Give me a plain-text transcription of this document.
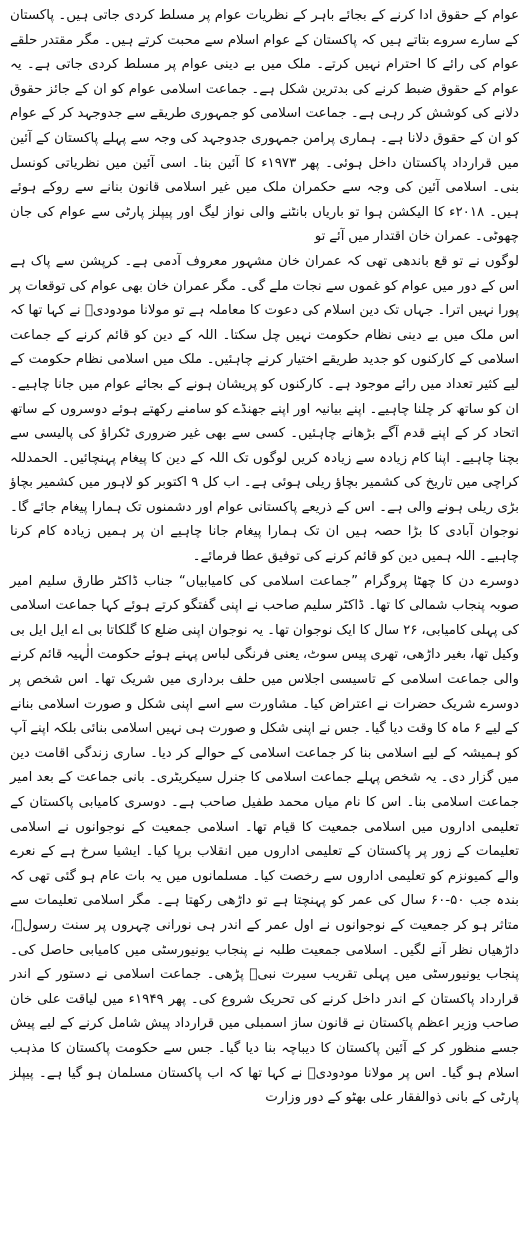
عوام کے حقوق ادا کرنے کے بجائے باہر کے نظریات عوام پر مسلط کردی جاتی ہیں۔ پاکستان کے سارے سروے بتاتے ہیں کہ پاکستان کے عوام اسلام سے محبت کرتے ہیں۔ مگر مقتدر حلقے عوام کی رائے کا احترام نہیں کرتے۔ ملک میں بے دینی عوام پر مسلط کردی جاتی ہے۔ یہ عوام کے حقوق ضبط کرنے کی بدترین شکل ہے۔ جماعت اسلامی عوام کو ان کے جائز حقوق دلانے کی کوشش کر رہی ہے۔ جماعت اسلامی کو جمہوری طریقے سے جدوجہد کر کے عوام کو ان کے حقوق دلانا ہے۔ ہماری پرامن جمہوری جدوجہد کی وجہ سے پہلے پاکستان کے آئین میں قرارداد پاکستان داخل ہوئی۔ پھر ۱۹۷۳ء کا آئین بنا۔ اسی آئین میں نظریاتی کونسل بنی۔ اسلامی آئین کی وجہ سے حکمران ملک میں غیر اسلامی قانون بنانے سے روکے ہوئے ہیں۔ ۲۰۱۸ء کا الیکشن ہوا تو باریاں بانٹنے والی نواز لیگ اور پیپلز پارٹی سے عوام کی جان چھوٹی۔ عمران خان اقتدار میں آئے تو

لوگوں نے تو قع باندھی تھی کہ عمران خان مشہور معروف آدمی ہے۔ کرپشن سے پاک ہے اس کے دور میں عوام کو غموں سے نجات ملے گی۔ مگر عمران خان بھی عوام کی توقعات پر پورا نہیں اترا۔ جہاں تک دین اسلام کی دعوت کا معاملہ ہے تو مولانا مودودیؒ نے کہا تھا کہ اس ملک میں بے دینی نظام حکومت نہیں چل سکتا۔ اللہ کے دین کو قائم کرنے کے جماعت اسلامی کے کارکنوں کو جدید طریقے اختیار کرنے چاہئیں۔ ملک میں اسلامی نظام حکومت کے لیے کثیر تعداد میں رائے موجود ہے۔ کارکنوں کو پریشان ہونے کے بجائے عوام میں جانا چاہیے۔ ان کو ساتھ کر چلنا چاہیے۔ اپنے بیانیہ اور اپنے جھنڈے کو سامنے رکھتے ہوئے دوسروں کے ساتھ اتحاد کر کے اپنے قدم آگے بڑھانے چاہئیں۔ کسی سے بھی غیر ضروری ٹکراؤ کی پالیسی سے بچنا چاہیے۔ اپنا کام زیادہ سے زیادہ کریں لوگوں تک اللہ کے دین کا پیغام پہنچائیں۔ الحمدللہ کراچی میں تاریخ کی کشمیر بچاؤ ریلی ہوئی ہے۔ اب کل ۹ اکتوبر کو لاہور میں کشمیر بچاؤ بڑی ریلی ہونے والی ہے۔ اس کے ذریعے پاکستانی عوام اور دشمنوں تک ہمارا پیغام جائے گا۔ نوجوان آبادی کا بڑا حصہ ہیں ان تک ہمارا پیغام جانا چاہیے ان پر ہمیں زیادہ کام کرنا چاہیے۔ اللہ ہمیں دین کو قائم کرنے کی توفیق عطا فرمائے۔

دوسرے دن کا چھٹا پروگرام ”جماعت اسلامی کی کامیابیاں“ جناب ڈاکٹر طارق سلیم امیر صوبہ پنجاب شمالی کا تھا۔ ڈاکٹر سلیم صاحب نے اپنی گفتگو کرتے ہوئے کہا جماعت اسلامی کی پہلی کامیابی، ۲۶ سال کا ایک نوجوان تھا۔ یہ نوجوان اپنی ضلع کا گلکاتا بی اے ایل ایل بی وکیل تھا، بغیر داڑھی، تھری پیس سوٹ، یعنی فرنگی لباس پہنے ہوئے حکومت الٰہیہ قائم کرنے والی جماعت اسلامی کے تاسیسی اجلاس میں حلف برداری میں شریک تھا۔ اس شخص پر دوسرے شریک حضرات نے اعتراض کیا۔ مشاورت سے اسے اپنی شکل و صورت اسلامی بنانے کے لیے ۶ ماہ کا وقت دیا گیا۔ جس نے اپنی شکل و صورت ہی نہیں اسلامی بنائی بلکہ اپنے آپ کو ہمیشہ کے لیے اسلامی بنا کر جماعت اسلامی کے حوالے کر دیا۔ ساری زندگی اقامت دین میں گزار دی۔ یہ شخص پہلے جماعت اسلامی کا جنرل سیکریٹری۔ بانی جماعت کے بعد امیر جماعت اسلامی بنا۔ اس کا نام میاں محمد طفیل صاحب ہے۔ دوسری کامیابی پاکستان کے تعلیمی اداروں میں اسلامی جمعیت کا قیام تھا۔ اسلامی جمعیت کے نوجوانوں نے اسلامی تعلیمات کے زور پر پاکستان کے تعلیمی اداروں میں انقلاب برپا کیا۔ ایشیا سرخ ہے کے نعرے والے کمیونزم کو تعلیمی اداروں سے رخصت کیا۔ مسلمانوں میں یہ بات عام ہو گئی تھی کہ بندہ جب ۵۰-۶۰ سال کی عمر کو پہنچتا ہے تو داڑھی رکھتا ہے۔ مگر اسلامی تعلیمات سے متاثر ہو کر جمعیت کے نوجوانوں نے اول عمر کے اندر ہی نورانی چہروں پر سنت رسولؐ، داڑھیاں نظر آنے لگیں۔ اسلامی جمعیت طلبہ نے پنجاب یونیورسٹی میں کامیابی حاصل کی۔ پنجاب یونیورسٹی میں پہلی تقریب سیرت نبیؐ پڑھی۔ جماعت اسلامی نے دستور کے اندر قرارداد پاکستان کے اندر داخل کرنے کی تحریک شروع کی۔ پھر ۱۹۴۹ء میں لیاقت علی خان صاحب وزیر اعظم پاکستان نے قانون ساز اسمبلی میں قرارداد پیش شامل کرنے کے لیے پیش جسے منظور کر کے آئین پاکستان کا دیباچہ بنا دیا گیا۔ جس سے حکومت پاکستان کا مذہب اسلام ہو گیا۔ اس پر مولانا مودودیؒ نے کہا تھا کہ اب پاکستان مسلمان ہو گیا ہے۔ پیپلز پارٹی کے بانی ذوالفقار علی بھٹو کے دور وزارت
